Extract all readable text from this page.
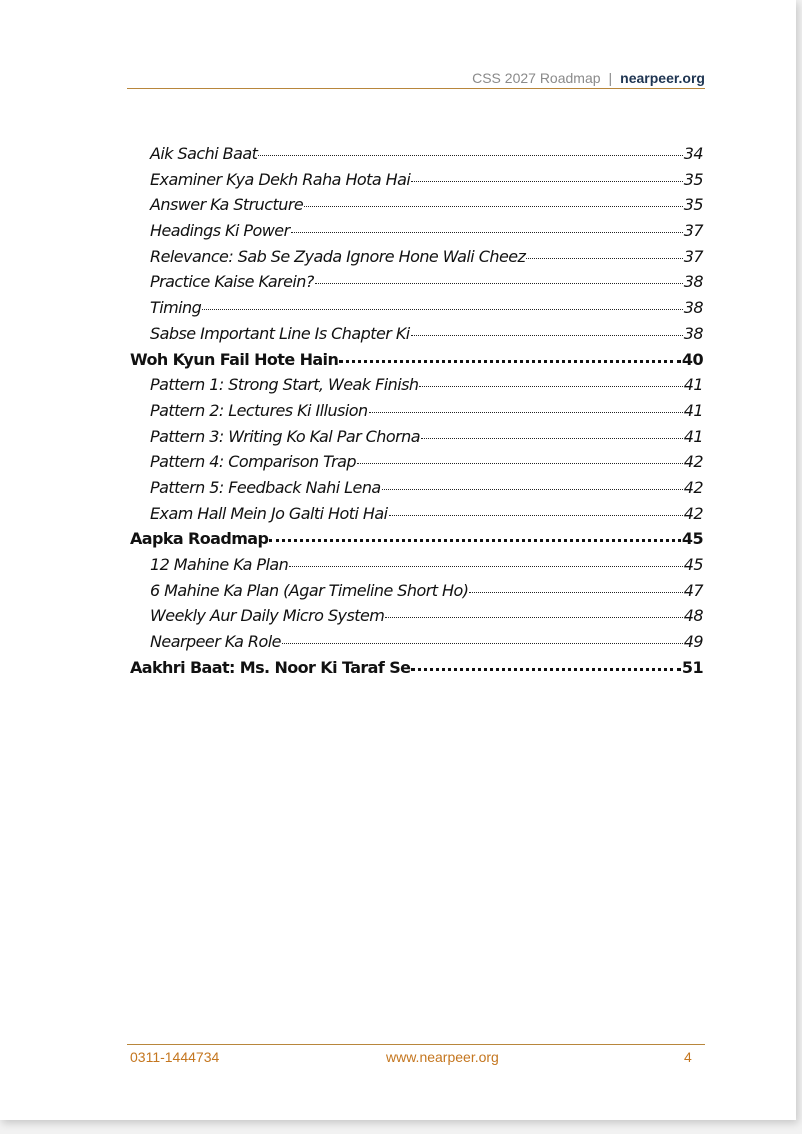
CSS 2027 Roadmap | nearpeer.org
Aik Sachi Baat	34
Examiner Kya Dekh Raha Hota Hai	35
Answer Ka Structure	35
Headings Ki Power	37
Relevance: Sab Se Zyada Ignore Hone Wali Cheez	37
Practice Kaise Karein?	38
Timing	38
Sabse Important Line Is Chapter Ki	38
Woh Kyun Fail Hote Hain	40
Pattern 1: Strong Start, Weak Finish	41
Pattern 2: Lectures Ki Illusion	41
Pattern 3: Writing Ko Kal Par Chorna	41
Pattern 4: Comparison Trap	42
Pattern 5: Feedback Nahi Lena	42
Exam Hall Mein Jo Galti Hoti Hai	42
Aapka Roadmap	45
12 Mahine Ka Plan	45
6 Mahine Ka Plan (Agar Timeline Short Ho)	47
Weekly Aur Daily Micro System	48
Nearpeer Ka Role	49
Aakhri Baat: Ms. Noor Ki Taraf Se	51
0311-1444734	www.nearpeer.org	4
